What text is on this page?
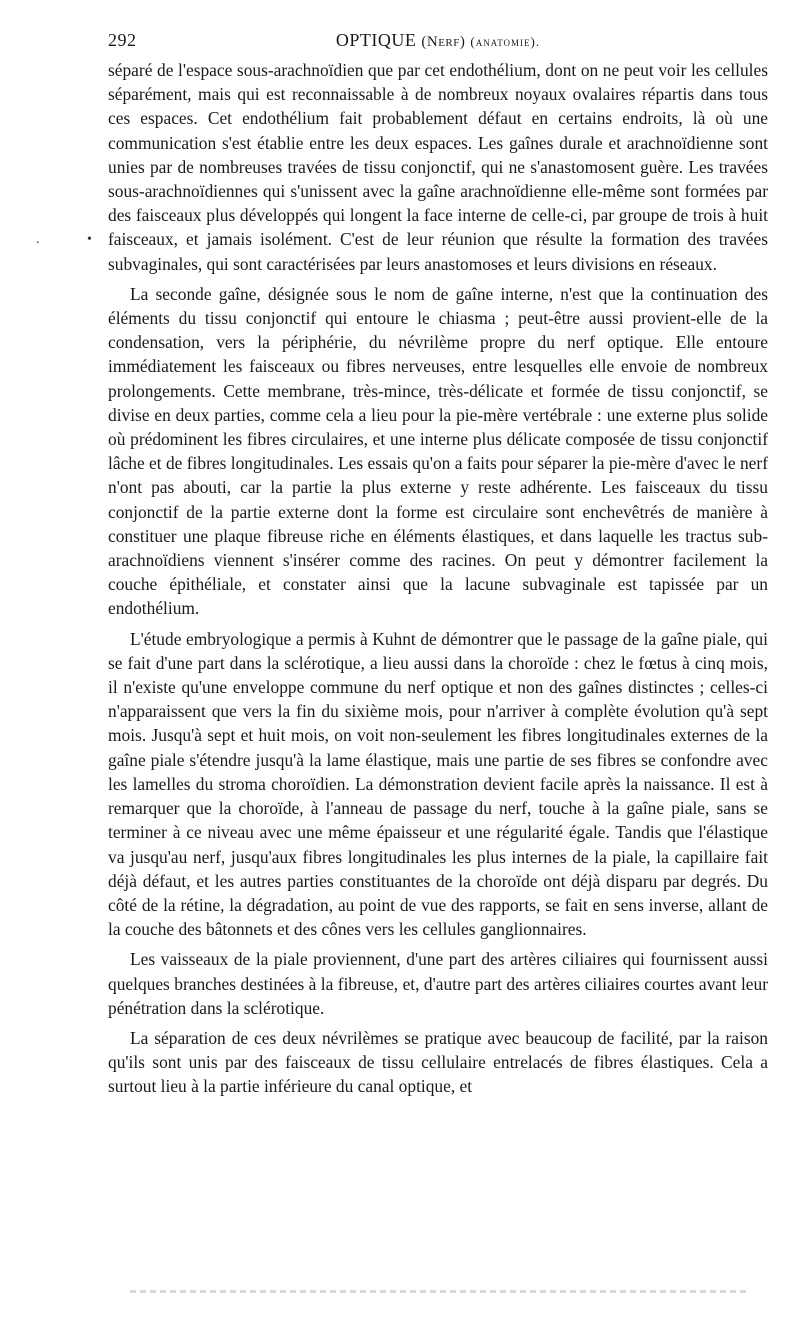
292	OPTIQUE (Nerf) (anatomie).
. •

séparé de l'espace sous-arachnoïdien que par cet endothélium, dont on ne peut voir les cellules séparément, mais qui est reconnaissable à de nombreux noyaux ovalaires répartis dans tous ces espaces. Cet endothélium fait probablement défaut en certains endroits, là où une communication s'est établie entre les deux espaces. Les gaînes durale et arachnoïdienne sont unies par de nombreuses travées de tissu conjonctif, qui ne s'anastomosent guère. Les travées sous-arachnoïdiennes qui s'unissent avec la gaîne arachnoïdienne elle-même sont formées par des faisceaux plus développés qui longent la face interne de celle-ci, par groupe de trois à huit faisceaux, et jamais isolément. C'est de leur réunion que résulte la formation des travées subvaginales, qui sont caractérisées par leurs anastomoses et leurs divisions en réseaux.

La seconde gaîne, désignée sous le nom de gaîne interne, n'est que la continuation des éléments du tissu conjonctif qui entoure le chiasma ; peut-être aussi provient-elle de la condensation, vers la périphérie, du névrilème propre du nerf optique. Elle entoure immédiatement les faisceaux ou fibres nerveuses, entre lesquelles elle envoie de nombreux prolongements. Cette membrane, très-mince, très-délicate et formée de tissu conjonctif, se divise en deux parties, comme cela a lieu pour la pie-mère vertébrale : une externe plus solide où prédominent les fibres circulaires, et une interne plus délicate composée de tissu conjonctif lâche et de fibres longitudinales. Les essais qu'on a faits pour séparer la pie-mère d'avec le nerf n'ont pas abouti, car la partie la plus externe y reste adhérente. Les faisceaux du tissu conjonctif de la partie externe dont la forme est circulaire sont enchevêtrés de manière à constituer une plaque fibreuse riche en éléments élastiques, et dans laquelle les tractus sub-arachnoïdiens viennent s'insérer comme des racines. On peut y démontrer facilement la couche épithéliale, et constater ainsi que la lacune subvaginale est tapissée par un endothélium.

L'étude embryologique a permis à Kuhnt de démontrer que le passage de la gaîne piale, qui se fait d'une part dans la sclérotique, a lieu aussi dans la choroïde : chez le fœtus à cinq mois, il n'existe qu'une enveloppe commune du nerf optique et non des gaînes distinctes ; celles-ci n'apparaissent que vers la fin du sixième mois, pour n'arriver à complète évolution qu'à sept mois. Jusqu'à sept et huit mois, on voit non-seulement les fibres longitudinales externes de la gaîne piale s'étendre jusqu'à la lame élastique, mais une partie de ses fibres se confondre avec les lamelles du stroma choroïdien. La démonstration devient facile après la naissance. Il est à remarquer que la choroïde, à l'anneau de passage du nerf, touche à la gaîne piale, sans se terminer à ce niveau avec une même épaisseur et une régularité égale. Tandis que l'élastique va jusqu'au nerf, jusqu'aux fibres longitudinales les plus internes de la piale, la capillaire fait déjà défaut, et les autres parties constituantes de la choroïde ont déjà disparu par degrés. Du côté de la rétine, la dégradation, au point de vue des rapports, se fait en sens inverse, allant de la couche des bâtonnets et des cônes vers les cellules ganglionnaires.

Les vaisseaux de la piale proviennent, d'une part des artères ciliaires qui fournissent aussi quelques branches destinées à la fibreuse, et, d'autre part des artères ciliaires courtes avant leur pénétration dans la sclérotique.

La séparation de ces deux névrilèmes se pratique avec beaucoup de facilité, par la raison qu'ils sont unis par des faisceaux de tissu cellulaire entrelacés de fibres élastiques. Cela a surtout lieu à la partie inférieure du canal optique, et
